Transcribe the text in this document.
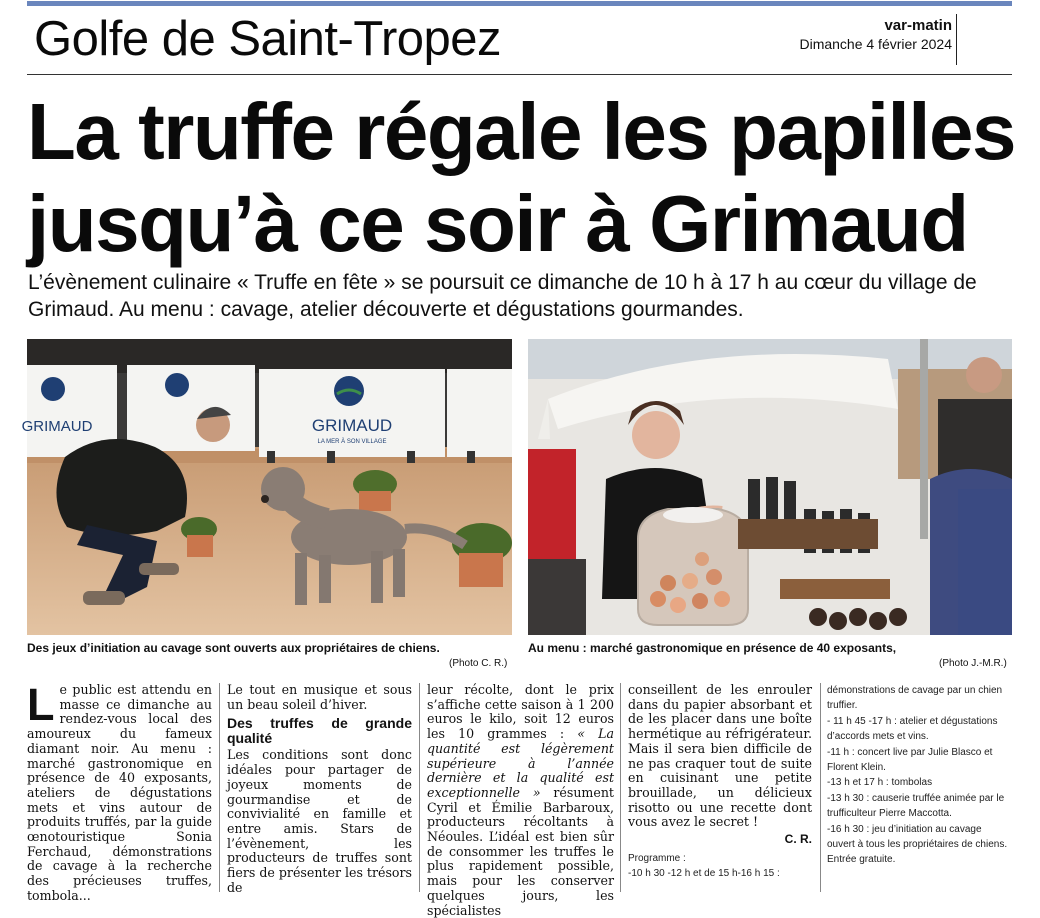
Golfe de Saint-Tropez	var-matin
Dimanche 4 février 2024
La truffe régale les papilles
jusqu’à ce soir à Grimaud
L’évènement culinaire « Truffe en fête » se poursuit ce dimanche de 10 h à 17 h au cœur du village de Grimaud. Au menu : cavage, atelier découverte et dégustations gourmandes.
GRIMAUD
LA MER À SON VILLAGE
GRIMAUD
Des jeux d’initiation au cavage sont ouverts aux propriétaires de chiens.
(Photo C. R.)
Au menu : marché gastronomique en présence de 40 exposants,
(Photo J.-M.R.)

Le public est attendu en masse ce dimanche au rendez-vous local des amoureux du fameux diamant noir. Au menu : marché gastronomique en présence de 40 exposants, ateliers de dégustations mets et vins autour de produits truffés, par la guide œnotouristique Sonia Ferchaud, démonstrations de cavage à la recherche des précieuses truffes, tombola...

Le tout en musique et sous un beau soleil d’hiver.

Des truffes de grande qualité

Les conditions sont donc idéales pour partager de joyeux moments de gourmandise et de convivialité en famille et entre amis. Stars de l’évènement, les producteurs de truffes sont fiers de présenter les trésors de

leur récolte, dont le prix s’affiche cette saison à 1 200 euros le kilo, soit 12 euros les 10 grammes : « La quantité est légèrement supérieure à l’année dernière et la qualité est exceptionnelle » résument Cyril et Émilie Barbaroux, producteurs récoltants à Néoules. L’idéal est bien sûr de consommer les truffes le plus rapidement possible, mais pour les conserver quelques jours, les spécialistes

conseillent de les enrouler dans du papier absorbant et de les placer dans une boîte hermétique au réfrigérateur. Mais il sera bien difficile de ne pas craquer tout de suite en cuisinant une petite brouillade, un délicieux risotto ou une recette dont vous avez le secret !

C. R.
Programme :
-10 h 30 -12 h et de 15 h-16 h 15 :
démonstrations de cavage par un chien truffier.
- 11 h 45 -17 h : atelier et dégustations d’accords mets et vins.
-11 h : concert live par Julie Blasco et Florent Klein.
-13 h et 17 h : tombolas
-13 h 30 : causerie truffée animée par le trufficulteur Pierre Maccotta.
-16 h 30 : jeu d’initiation au cavage ouvert à tous les propriétaires de chiens.
Entrée gratuite.
